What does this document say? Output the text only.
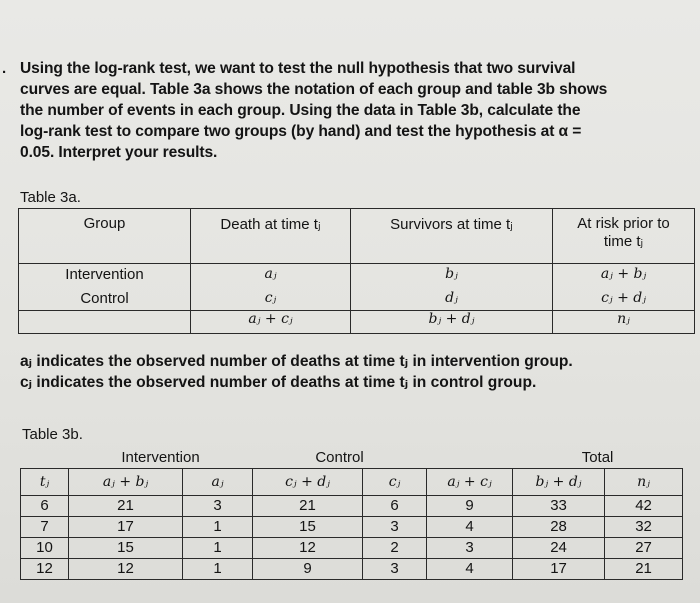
. Using the log-rank test, we want to test the null hypothesis that two survival
curves are equal. Table 3a shows the notation of each group and table 3b shows
the number of events in each group. Using the data in Table 3b, calculate the
log-rank test to compare two groups (by hand) and test the hypothesis at α =
0.05. Interpret your results.
Table 3a.
Group	Death at time tⱼ	Survivors at time tⱼ	At risk prior to
time tⱼ

Intervention	aⱼ	bⱼ	aⱼ + bⱼ
Control	cⱼ	dⱼ	cⱼ + dⱼ
	aⱼ + cⱼ	bⱼ + dⱼ	nⱼ
aⱼ indicates the observed number of deaths at time tⱼ in intervention group.
cⱼ indicates the observed number of deaths at time tⱼ in control group.
Table 3b.
	Intervention		Control			Total	
tⱼ	aⱼ + bⱼ	aⱼ	cⱼ + dⱼ	cⱼ	aⱼ + cⱼ	bⱼ + dⱼ	nⱼ
6	21	3	21	6	9	33	42
7	17	1	15	3	4	28	32
10	15	1	12	2	3	24	27
12	12	1	9	3	4	17	21
